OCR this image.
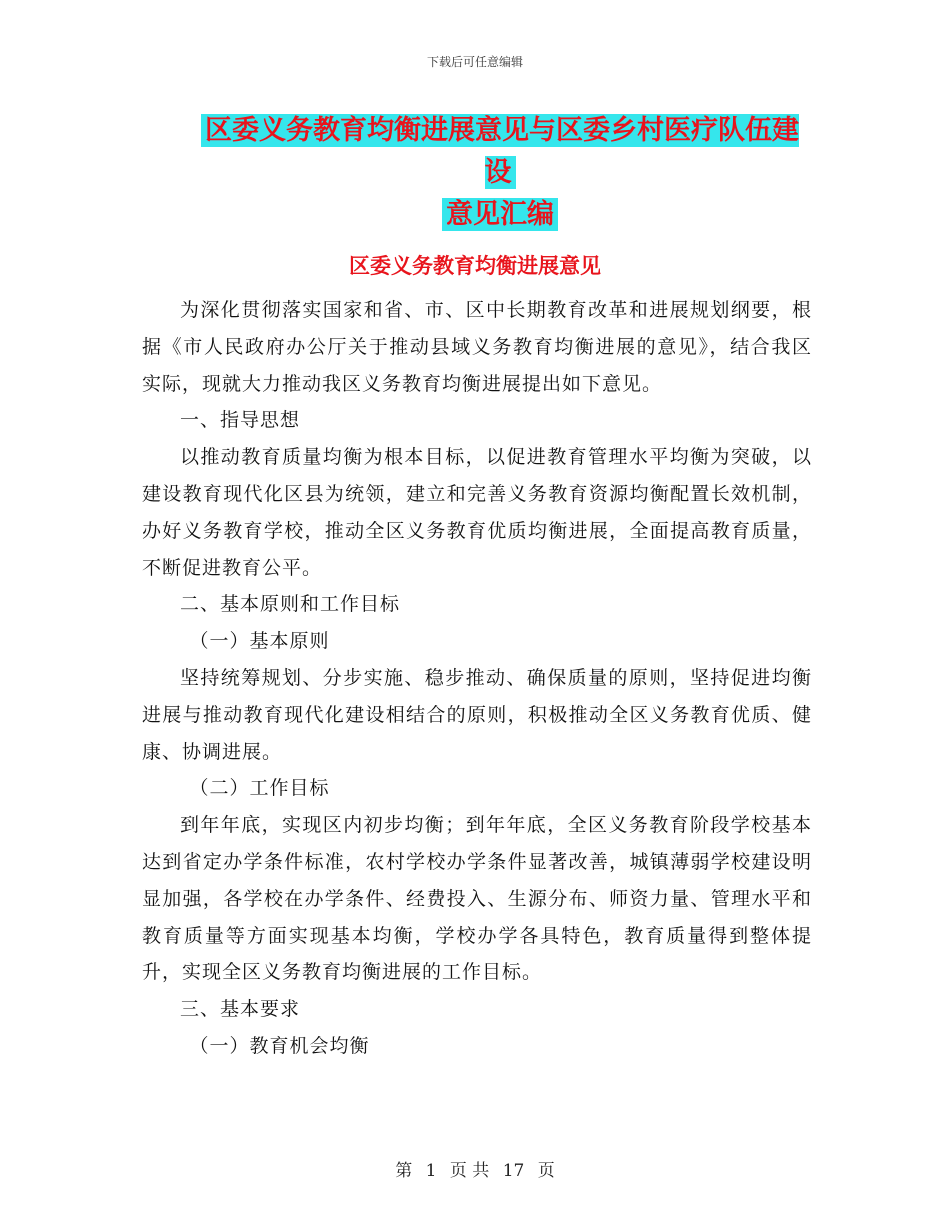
下载后可任意编辑
区委义务教育均衡进展意见与区委乡村医疗队伍建设
意见汇编
区委义务教育均衡进展意见

为深化贯彻落实国家和省、市、区中长期教育改革和进展规划纲要，根据《市人民政府办公厅关于推动县域义务教育均衡进展的意见》，结合我区实际，现就大力推动我区义务教育均衡进展提出如下意见。

一、指导思想

以推动教育质量均衡为根本目标，以促进教育管理水平均衡为突破，以建设教育现代化区县为统领，建立和完善义务教育资源均衡配置长效机制，办好义务教育学校，推动全区义务教育优质均衡进展，全面提高教育质量，不断促进教育公平。

二、基本原则和工作目标

（一）基本原则

坚持统筹规划、分步实施、稳步推动、确保质量的原则，坚持促进均衡进展与推动教育现代化建设相结合的原则，积极推动全区义务教育优质、健康、协调进展。

（二）工作目标

到年年底，实现区内初步均衡；到年年底，全区义务教育阶段学校基本达到省定办学条件标准，农村学校办学条件显著改善，城镇薄弱学校建设明显加强，各学校在办学条件、经费投入、生源分布、师资力量、管理水平和教育质量等方面实现基本均衡，学校办学各具特色，教育质量得到整体提升，实现全区义务教育均衡进展的工作目标。

三、基本要求

（一）教育机会均衡

第 1 页 共 17 页
